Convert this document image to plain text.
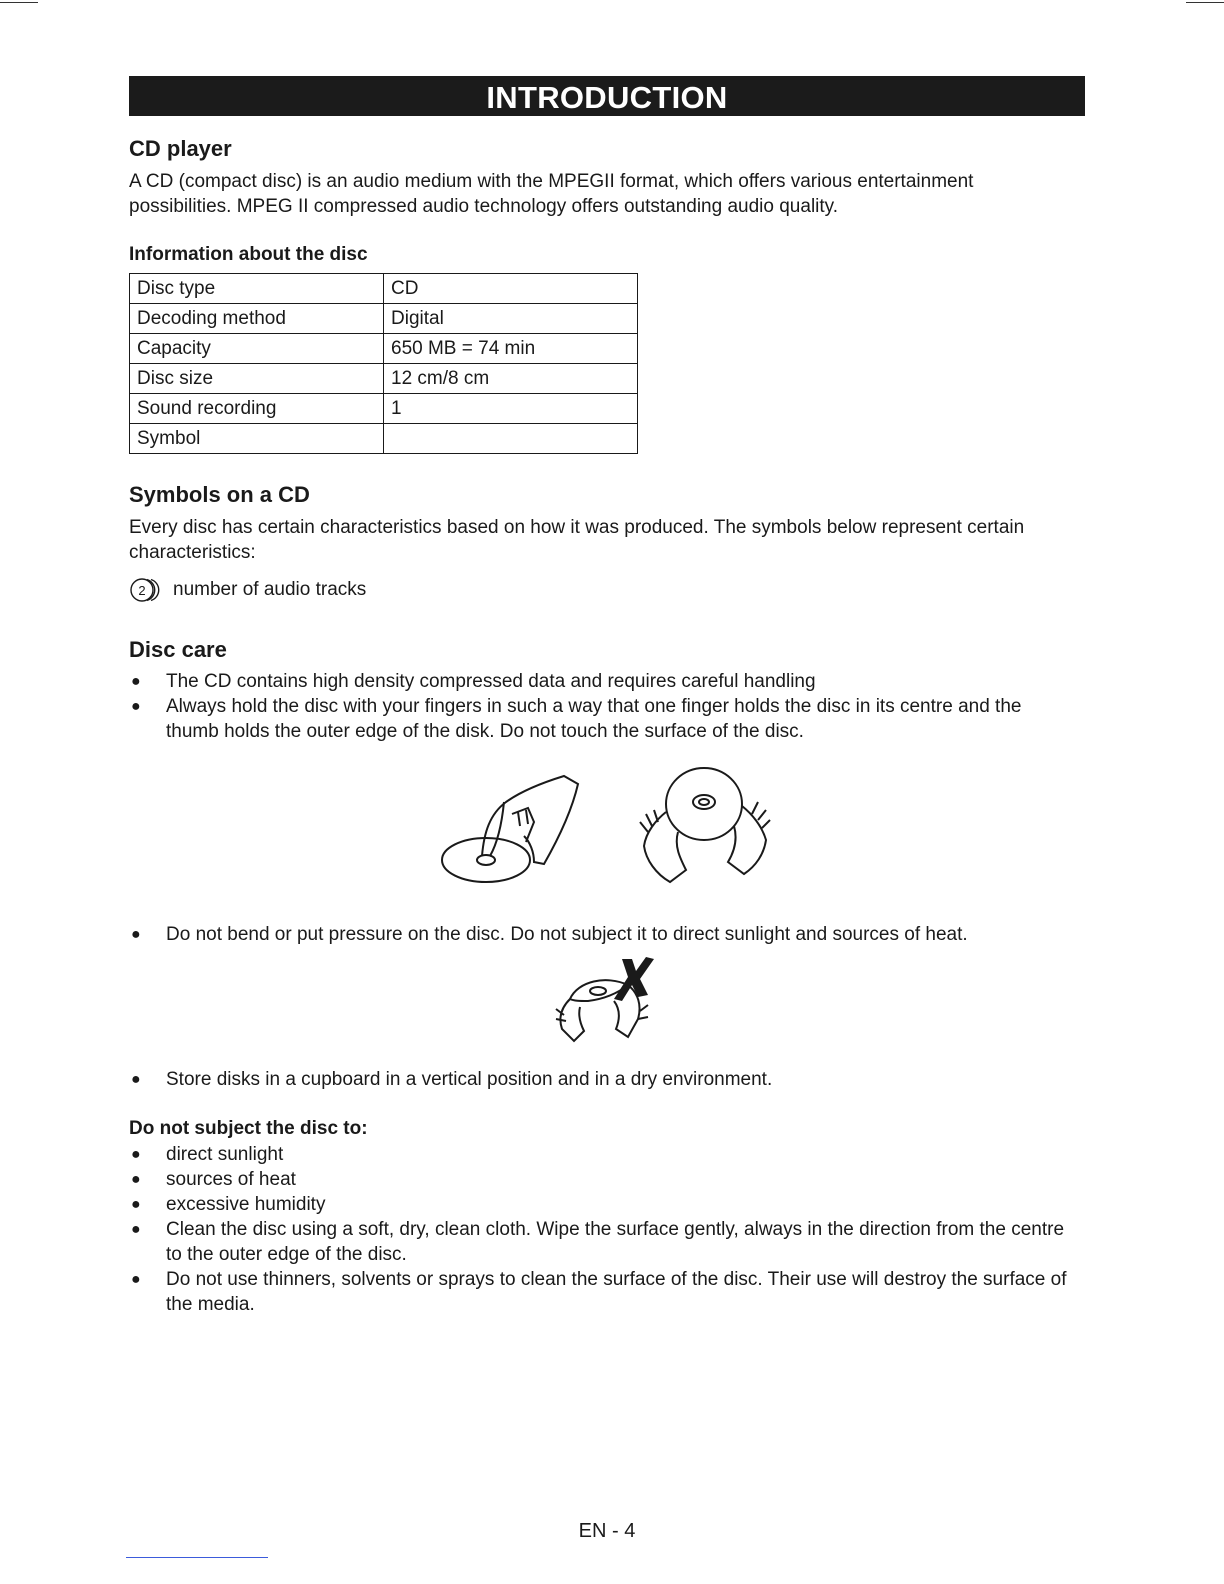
INTRODUCTION
CD player

A CD (compact disc) is an audio medium with the MPEGII format, which offers various entertainment possibilities. MPEG II compressed audio technology offers outstanding audio quality.

Information about the disc
Disc type	CD
Decoding method	Digital
Capacity	650 MB = 74 min
Disc size	12 cm/8 cm
Sound recording	1
Symbol	
Symbols on a CD

Every disc has certain characteristics based on how it was produced. The symbols below represent certain characteristics:

2 number of audio tracks
Disc care
● The CD contains high density compressed data and requires careful handling
● Always hold the disc with your fingers in such a way that one finger holds the disc in its centre and the thumb holds the outer edge of the disk. Do not touch the surface of the disc.
● Do not bend or put pressure on the disc. Do not subject it to direct sunlight and sources of heat.
● Store disks in a cupboard in a vertical position and in a dry environment.
Do not subject the disc to:
● direct sunlight
● sources of heat
● excessive humidity
● Clean the disc using a soft, dry, clean cloth. Wipe the surface gently, always in the direction from the centre to the outer edge of the disc.
● Do not use thinners, solvents or sprays to clean the surface of the disc. Their use will destroy the surface of the media.
EN - 4
